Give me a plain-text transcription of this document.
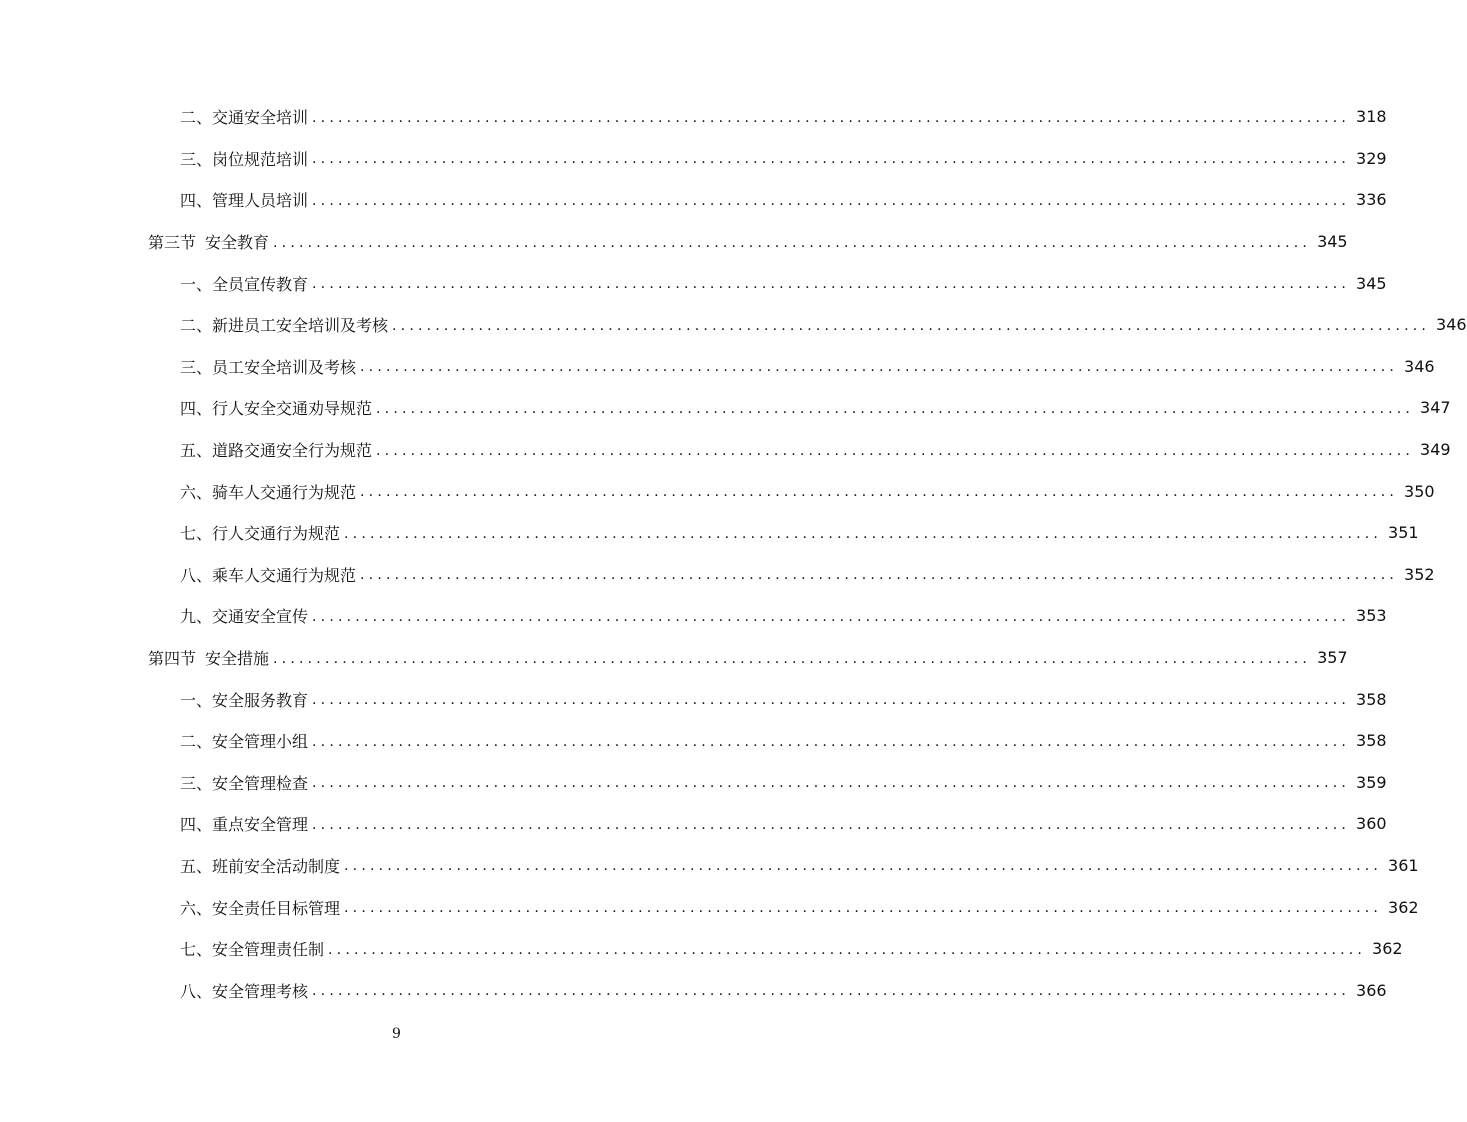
二、交通安全培训 ........................................................................................................................ 318
三、岗位规范培训 ........................................................................................................................ 329
四、管理人员培训 ........................................................................................................................ 336
第三节 安全教育 ........................................................................................................................ 345
一、全员宣传教育 ........................................................................................................................ 345
二、新进员工安全培训及考核 ........................................................................................................................ 346
三、员工安全培训及考核 ........................................................................................................................ 346
四、行人安全交通劝导规范 ........................................................................................................................ 347
五、道路交通安全行为规范 ........................................................................................................................ 349
六、骑车人交通行为规范 ........................................................................................................................ 350
七、行人交通行为规范 ........................................................................................................................ 351
八、乘车人交通行为规范 ........................................................................................................................ 352
九、交通安全宣传 ........................................................................................................................ 353
第四节 安全措施 ........................................................................................................................ 357
一、安全服务教育 ........................................................................................................................ 358
二、安全管理小组 ........................................................................................................................ 358
三、安全管理检查 ........................................................................................................................ 359
四、重点安全管理 ........................................................................................................................ 360
五、班前安全活动制度 ........................................................................................................................ 361
六、安全责任目标管理 ........................................................................................................................ 362
七、安全管理责任制 ........................................................................................................................ 362
八、安全管理考核 ........................................................................................................................ 366
9
